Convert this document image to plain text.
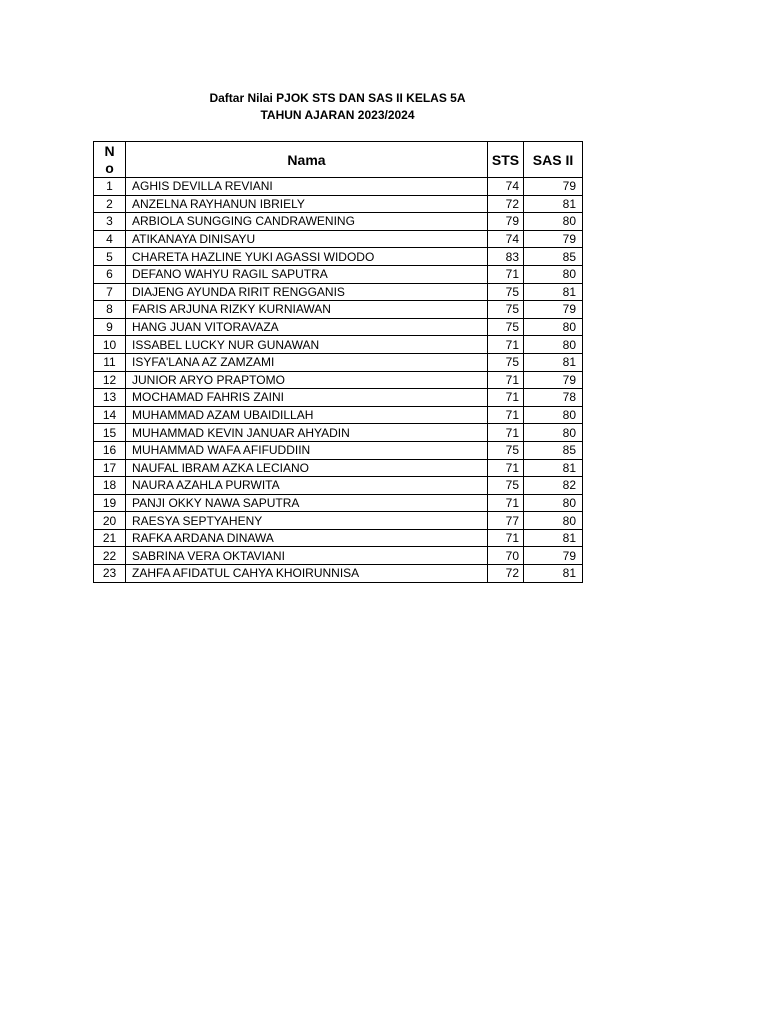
Daftar Nilai PJOK STS DAN SAS II KELAS 5A
TAHUN AJARAN 2023/2024
No	Nama	STS	SAS II
1	AGHIS DEVILLA REVIANI	74	79
2	ANZELNA RAYHANUN IBRIELY	72	81
3	ARBIOLA SUNGGING CANDRAWENING	79	80
4	ATIKANAYA DINISAYU	74	79
5	CHARETA HAZLINE YUKI AGASSI WIDODO	83	85
6	DEFANO WAHYU RAGIL SAPUTRA	71	80
7	DIAJENG AYUNDA RIRIT RENGGANIS	75	81
8	FARIS ARJUNA RIZKY KURNIAWAN	75	79
9	HANG JUAN VITORAVAZA	75	80
10	ISSABEL LUCKY NUR GUNAWAN	71	80
11	ISYFA'LANA AZ ZAMZAMI	75	81
12	JUNIOR ARYO PRAPTOMO	71	79
13	MOCHAMAD FAHRIS ZAINI	71	78
14	MUHAMMAD AZAM UBAIDILLAH	71	80
15	MUHAMMAD KEVIN JANUAR AHYADIN	71	80
16	MUHAMMAD WAFA AFIFUDDIIN	75	85
17	NAUFAL IBRAM AZKA LECIANO	71	81
18	NAURA AZAHLA PURWITA	75	82
19	PANJI OKKY NAWA SAPUTRA	71	80
20	RAESYA SEPTYAHENY	77	80
21	RAFKA ARDANA DINAWA	71	81
22	SABRINA VERA OKTAVIANI	70	79
23	ZAHFA AFIDATUL CAHYA KHOIRUNNISA	72	81
